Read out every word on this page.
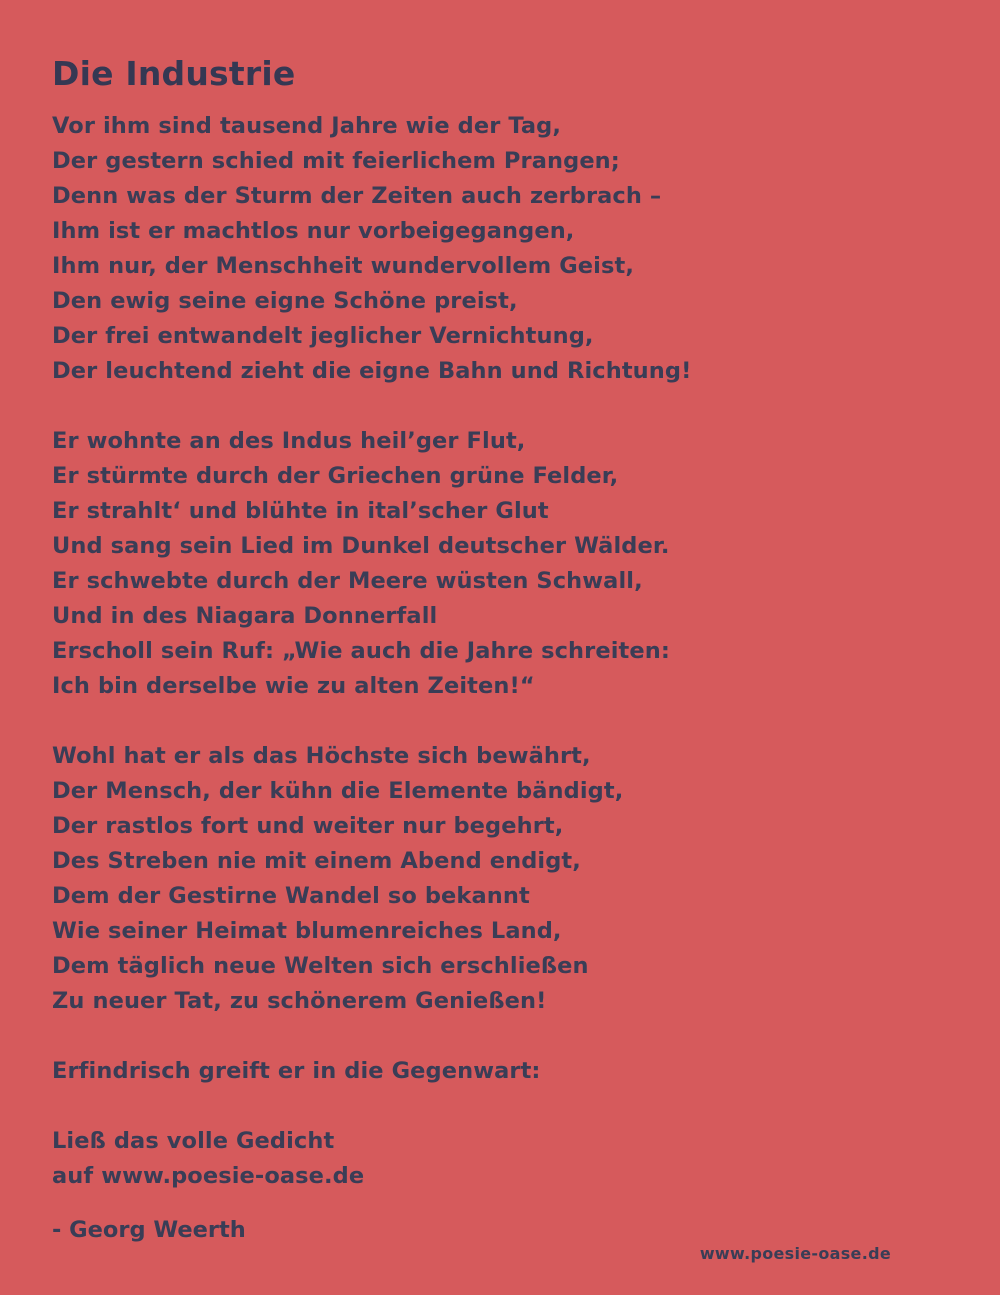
Die Industrie
Vor ihm sind tausend Jahre wie der Tag,
Der gestern schied mit feierlichem Prangen;
Denn was der Sturm der Zeiten auch zerbrach –
Ihm ist er machtlos nur vorbeigegangen,
Ihm nur, der Menschheit wundervollem Geist,
Den ewig seine eigne Schöne preist,
Der frei entwandelt jeglicher Vernichtung,
Der leuchtend zieht die eigne Bahn und Richtung!
Er wohnte an des Indus heil’ger Flut,
Er stürmte durch der Griechen grüne Felder,
Er strahlt‘ und blühte in ital’scher Glut
Und sang sein Lied im Dunkel deutscher Wälder.
Er schwebte durch der Meere wüsten Schwall,
Und in des Niagara Donnerfall
Erscholl sein Ruf: „Wie auch die Jahre schreiten:
Ich bin derselbe wie zu alten Zeiten!“
Wohl hat er als das Höchste sich bewährt,
Der Mensch, der kühn die Elemente bändigt,
Der rastlos fort und weiter nur begehrt,
Des Streben nie mit einem Abend endigt,
Dem der Gestirne Wandel so bekannt
Wie seiner Heimat blumenreiches Land,
Dem täglich neue Welten sich erschließen
Zu neuer Tat, zu schönerem Genießen!
Erfindrisch greift er in die Gegenwart:
Ließ das volle Gedicht
auf www.poesie-oase.de
- Georg Weerth
www.poesie-oase.de
